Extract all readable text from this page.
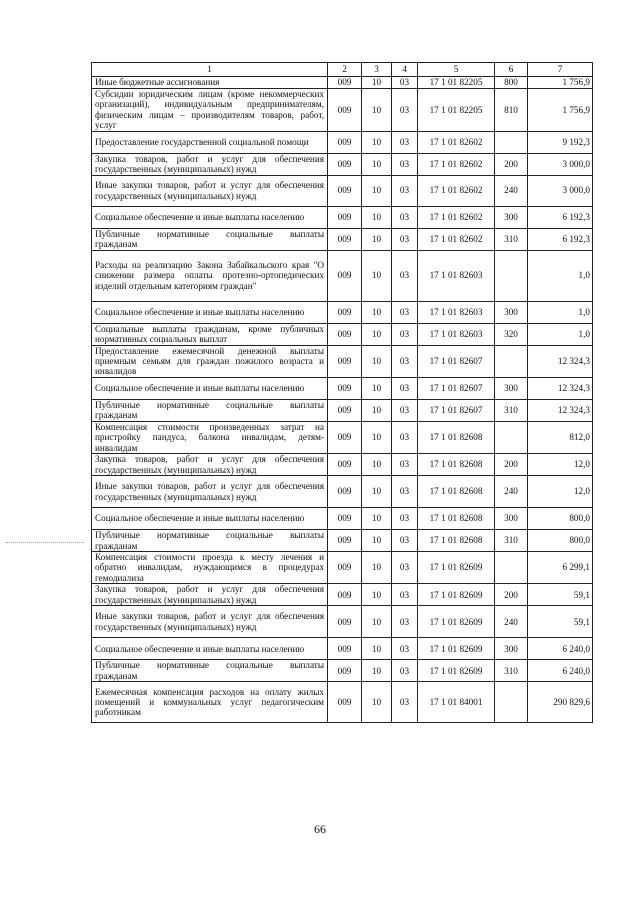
1	2	3	4	5	6	7
Иные бюджетные ассигнования	009	10	03	17 1 01 82205	800	1 756,9
Субсидии юридическим лицам (кроме некоммерческих организаций), индивидуальным предпринимателям, физическим лицам – производителям товаров, работ, услуг	009	10	03	17 1 01 82205	810	1 756,9
Предоставление государственной социальной помощи	009	10	03	17 1 01 82602		9 192,3
Закупка товаров, работ и услуг для обеспечения государственных (муниципальных) нужд	009	10	03	17 1 01 82602	200	3 000,0
Иные закупки товаров, работ и услуг для обеспечения государственных (муниципальных) нужд	009	10	03	17 1 01 82602	240	3 000,0
Социальное обеспечение и иные выплаты населению	009	10	03	17 1 01 82602	300	6 192,3
Публичные нормативные социальные выплаты гражданам	009	10	03	17 1 01 82602	310	6 192,3
Расходы на реализацию Закона Забайкальского края "О снижении размера оплаты протезно-ортопедических изделий отдельным категориям граждан"	009	10	03	17 1 01 82603		1,0
Социальное обеспечение и иные выплаты населению	009	10	03	17 1 01 82603	300	1,0
Социальные выплаты гражданам, кроме публичных нормативных социальных выплат	009	10	03	17 1 01 82603	320	1,0
Предоставление ежемесячной денежной выплаты приемным семьям для граждан пожилого возраста и инвалидов	009	10	03	17 1 01 82607		12 324,3
Социальное обеспечение и иные выплаты населению	009	10	03	17 1 01 82607	300	12 324,3
Публичные нормативные социальные выплаты гражданам	009	10	03	17 1 01 82607	310	12 324,3
Компенсация стоимости произведенных затрат на пристройку пандуса, балкона инвалидам, детям-инвалидам	009	10	03	17 1 01 82608		812,0
Закупка товаров, работ и услуг для обеспечения государственных (муниципальных) нужд	009	10	03	17 1 01 82608	200	12,0
Иные закупки товаров, работ и услуг для обеспечения государственных (муниципальных) нужд	009	10	03	17 1 01 82608	240	12,0
Социальное обеспечение и иные выплаты населению	009	10	03	17 1 01 82608	300	800,0
Публичные нормативные социальные выплаты гражданам	009	10	03	17 1 01 82608	310	800,0
Компенсация стоимости проезда к месту лечения и обратно инвалидам, нуждающимся в процедурах гемодиализа	009	10	03	17 1 01 82609		6 299,1
Закупка товаров, работ и услуг для обеспечения государственных (муниципальных) нужд	009	10	03	17 1 01 82609	200	59,1
Иные закупки товаров, работ и услуг для обеспечения государственных (муниципальных) нужд	009	10	03	17 1 01 82609	240	59,1
Социальное обеспечение и иные выплаты населению	009	10	03	17 1 01 82609	300	6 240,0
Публичные нормативные социальные выплаты гражданам	009	10	03	17 1 01 82609	310	6 240,0
Ежемесячная компенсация расходов на оплату жилых помещений и коммунальных услуг педагогическим работникам	009	10	03	17 1 01 84001		290 829,6
66
